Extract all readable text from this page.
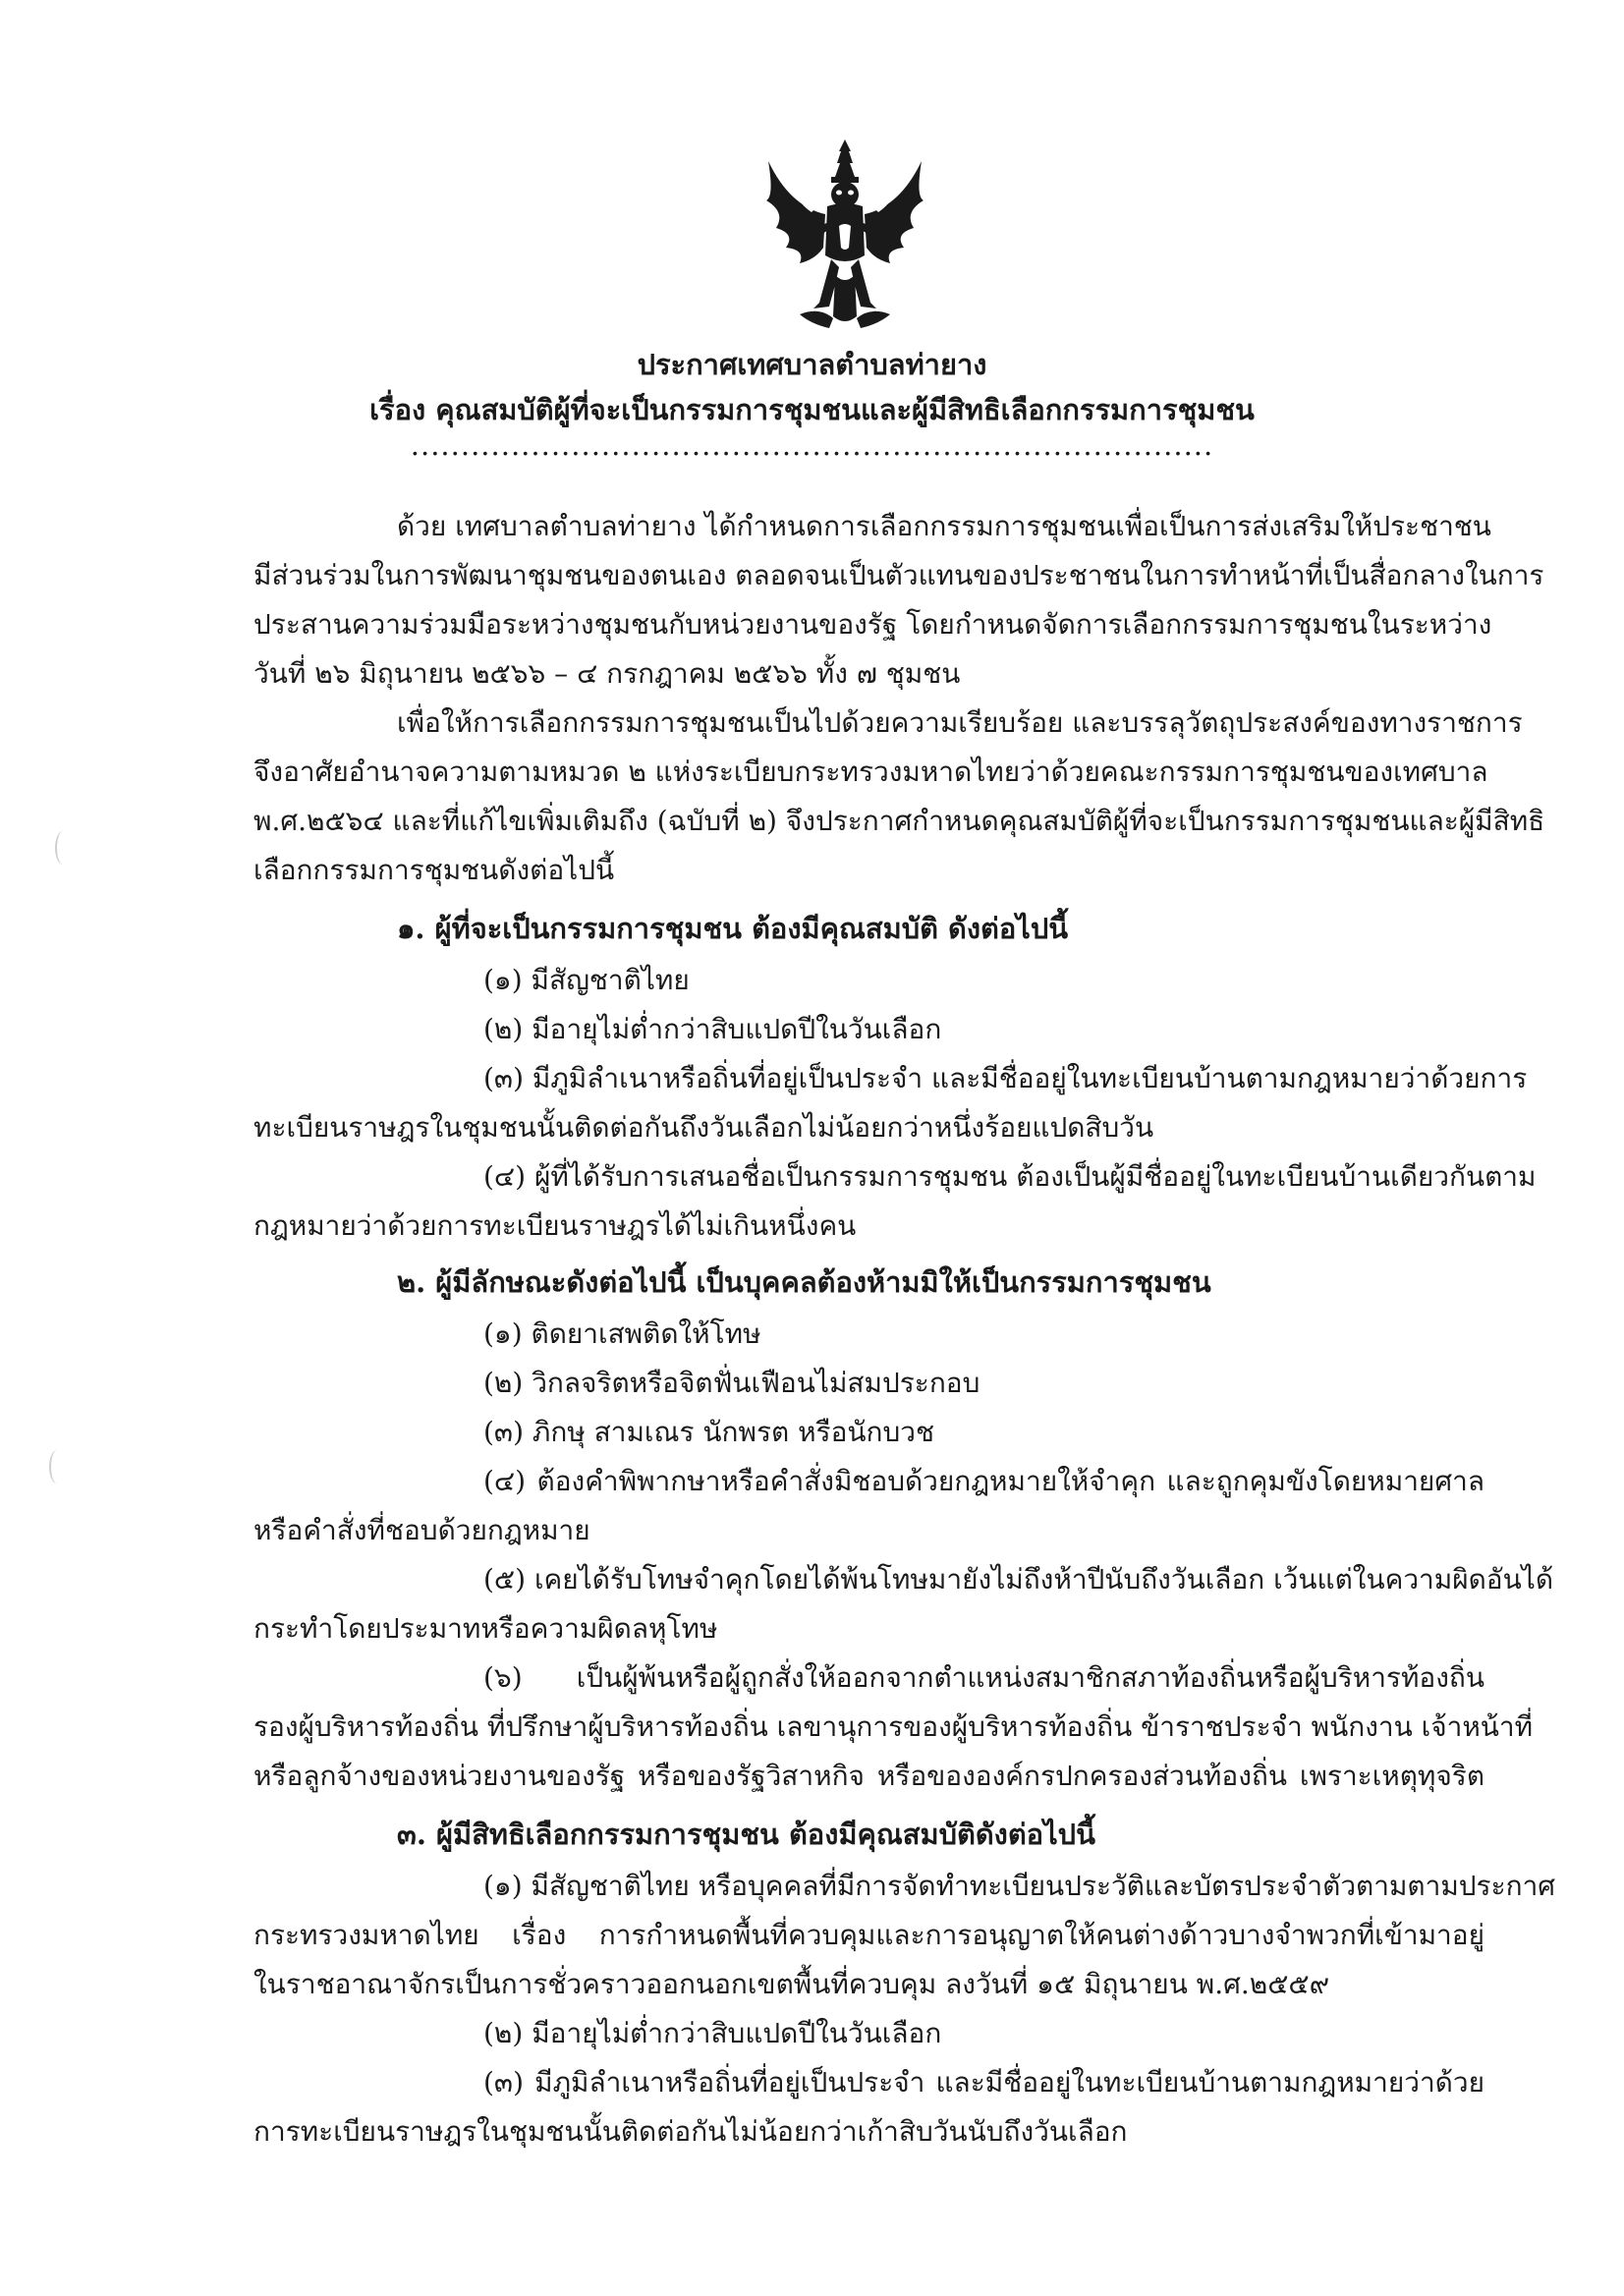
ประกาศเทศบาลตำบลท่ายาง
เรื่อง คุณสมบัติผู้ที่จะเป็นกรรมการชุมชนและผู้มีสิทธิเลือกกรรมการชุมชน
................................................................................
ด้วย เทศบาลตำบลท่ายาง ได้กำหนดการเลือกกรรมการชุมชนเพื่อเป็นการส่งเสริมให้ประชาชน
มีส่วนร่วมในการพัฒนาชุมชนของตนเอง ตลอดจนเป็นตัวแทนของประชาชนในการทำหน้าที่เป็นสื่อกลางในการ
ประสานความร่วมมือระหว่างชุมชนกับหน่วยงานของรัฐ โดยกำหนดจัดการเลือกกรรมการชุมชนในระหว่าง
วันที่ ๒๖ มิถุนายน ๒๕๖๖ – ๔ กรกฎาคม ๒๕๖๖ ทั้ง ๗ ชุมชน
เพื่อให้การเลือกกรรมการชุมชนเป็นไปด้วยความเรียบร้อย และบรรลุวัตถุประสงค์ของทางราชการ
จึงอาศัยอำนาจความตามหมวด ๒ แห่งระเบียบกระทรวงมหาดไทยว่าด้วยคณะกรรมการชุมชนของเทศบาล
พ.ศ.๒๕๖๔ และที่แก้ไขเพิ่มเติมถึง (ฉบับที่ ๒) จึงประกาศกำหนดคุณสมบัติผู้ที่จะเป็นกรรมการชุมชนและผู้มีสิทธิ
เลือกกรรมการชุมชนดังต่อไปนี้
๑. ผู้ที่จะเป็นกรรมการชุมชน ต้องมีคุณสมบัติ ดังต่อไปนี้
(๑) มีสัญชาติไทย
(๒) มีอายุไม่ต่ำกว่าสิบแปดปีในวันเลือก
(๓) มีภูมิลำเนาหรือถิ่นที่อยู่เป็นประจำ และมีชื่ออยู่ในทะเบียนบ้านตามกฎหมายว่าด้วยการ
ทะเบียนราษฎรในชุมชนนั้นติดต่อกันถึงวันเลือกไม่น้อยกว่าหนึ่งร้อยแปดสิบวัน
(๔) ผู้ที่ได้รับการเสนอชื่อเป็นกรรมการชุมชน ต้องเป็นผู้มีชื่ออยู่ในทะเบียนบ้านเดียวกันตาม
กฎหมายว่าด้วยการทะเบียนราษฎรได้ไม่เกินหนึ่งคน
๒. ผู้มีลักษณะดังต่อไปนี้ เป็นบุคคลต้องห้ามมิให้เป็นกรรมการชุมชน
(๑) ติดยาเสพติดให้โทษ
(๒) วิกลจริตหรือจิตฟั่นเฟือนไม่สมประกอบ
(๓) ภิกษุ สามเณร นักพรต หรือนักบวช
(๔) ต้องคำพิพากษาหรือคำสั่งมิชอบด้วยกฎหมายให้จำคุก และถูกคุมขังโดยหมายศาล
หรือคำสั่งที่ชอบด้วยกฎหมาย
(๕) เคยได้รับโทษจำคุกโดยได้พ้นโทษมายังไม่ถึงห้าปีนับถึงวันเลือก เว้นแต่ในความผิดอันได้
กระทำโดยประมาทหรือความผิดลหุโทษ
(๖) เป็นผู้พ้นหรือผู้ถูกสั่งให้ออกจากตำแหน่งสมาชิกสภาท้องถิ่นหรือผู้บริหารท้องถิ่น
รองผู้บริหารท้องถิ่น ที่ปรึกษาผู้บริหารท้องถิ่น เลขานุการของผู้บริหารท้องถิ่น ข้าราชประจำ พนักงาน เจ้าหน้าที่
หรือลูกจ้างของหน่วยงานของรัฐ หรือของรัฐวิสาหกิจ หรือขององค์กรปกครองส่วนท้องถิ่น เพราะเหตุทุจริต
๓. ผู้มีสิทธิเลือกกรรมการชุมชน ต้องมีคุณสมบัติดังต่อไปนี้
(๑) มีสัญชาติไทย หรือบุคคลที่มีการจัดทำทะเบียนประวัติและบัตรประจำตัวตามตามประกาศ
กระทรวงมหาดไทย เรื่อง การกำหนดพื้นที่ควบคุมและการอนุญาตให้คนต่างด้าวบางจำพวกที่เข้ามาอยู่
ในราชอาณาจักรเป็นการชั่วคราวออกนอกเขตพื้นที่ควบคุม ลงวันที่ ๑๕ มิถุนายน พ.ศ.๒๕๕๙
(๒) มีอายุไม่ต่ำกว่าสิบแปดปีในวันเลือก
(๓) มีภูมิลำเนาหรือถิ่นที่อยู่เป็นประจำ และมีชื่ออยู่ในทะเบียนบ้านตามกฎหมายว่าด้วย
การทะเบียนราษฎรในชุมชนนั้นติดต่อกันไม่น้อยกว่าเก้าสิบวันนับถึงวันเลือก
